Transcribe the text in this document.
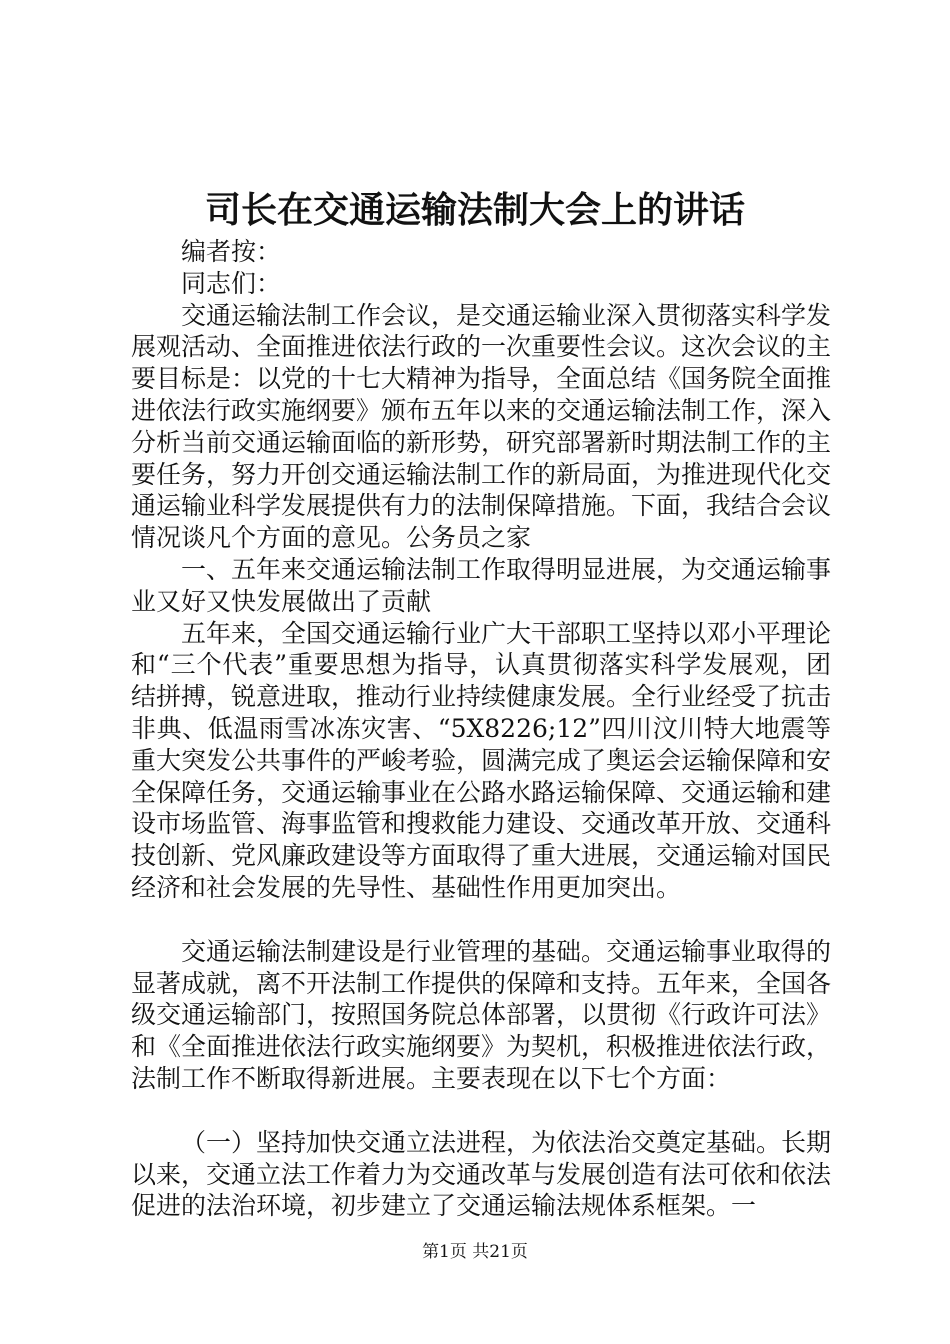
司长在交通运输法制大会上的讲话

编者按：

同志们：

交通运输法制工作会议，是交通运输业深入贯彻落实科学发展观活动、全面推进依法行政的一次重要性会议。这次会议的主要目标是：以党的十七大精神为指导，全面总结《国务院全面推进依法行政实施纲要》颁布五年以来的交通运输法制工作，深入分析当前交通运输面临的新形势，研究部署新时期法制工作的主要任务，努力开创交通运输法制工作的新局面，为推进现代化交通运输业科学发展提供有力的法制保障措施。下面，我结合会议情况谈凡个方面的意见。公务员之家

一、五年来交通运输法制工作取得明显进展，为交通运输事业又好又快发展做出了贡献

五年来，全国交通运输行业广大干部职工坚持以邓小平理论和“三个代表”重要思想为指导，认真贯彻落实科学发展观，团结拼搏，锐意进取，推动行业持续健康发展。全行业经受了抗击非典、低温雨雪冰冻灾害、“5X8226;12”四川汶川特大地震等重大突发公共事件的严峻考验，圆满完成了奥运会运输保障和安全保障任务，交通运输事业在公路水路运输保障、交通运输和建设市场监管、海事监管和搜救能力建设、交通改革开放、交通科技创新、党风廉政建设等方面取得了重大进展，交通运输对国民经济和社会发展的先导性、基础性作用更加突出。

交通运输法制建设是行业管理的基础。交通运输事业取得的显著成就，离不开法制工作提供的保障和支持。五年来，全国各级交通运输部门，按照国务院总体部署，以贯彻《行政许可法》和《全面推进依法行政实施纲要》为契机，积极推进依法行政，法制工作不断取得新进展。主要表现在以下七个方面：

（一）坚持加快交通立法进程，为依法治交奠定基础。长期以来，交通立法工作着力为交通改革与发展创造有法可依和依法促进的法治环境，初步建立了交通运输法规体系框架。一

第1页 共21页
